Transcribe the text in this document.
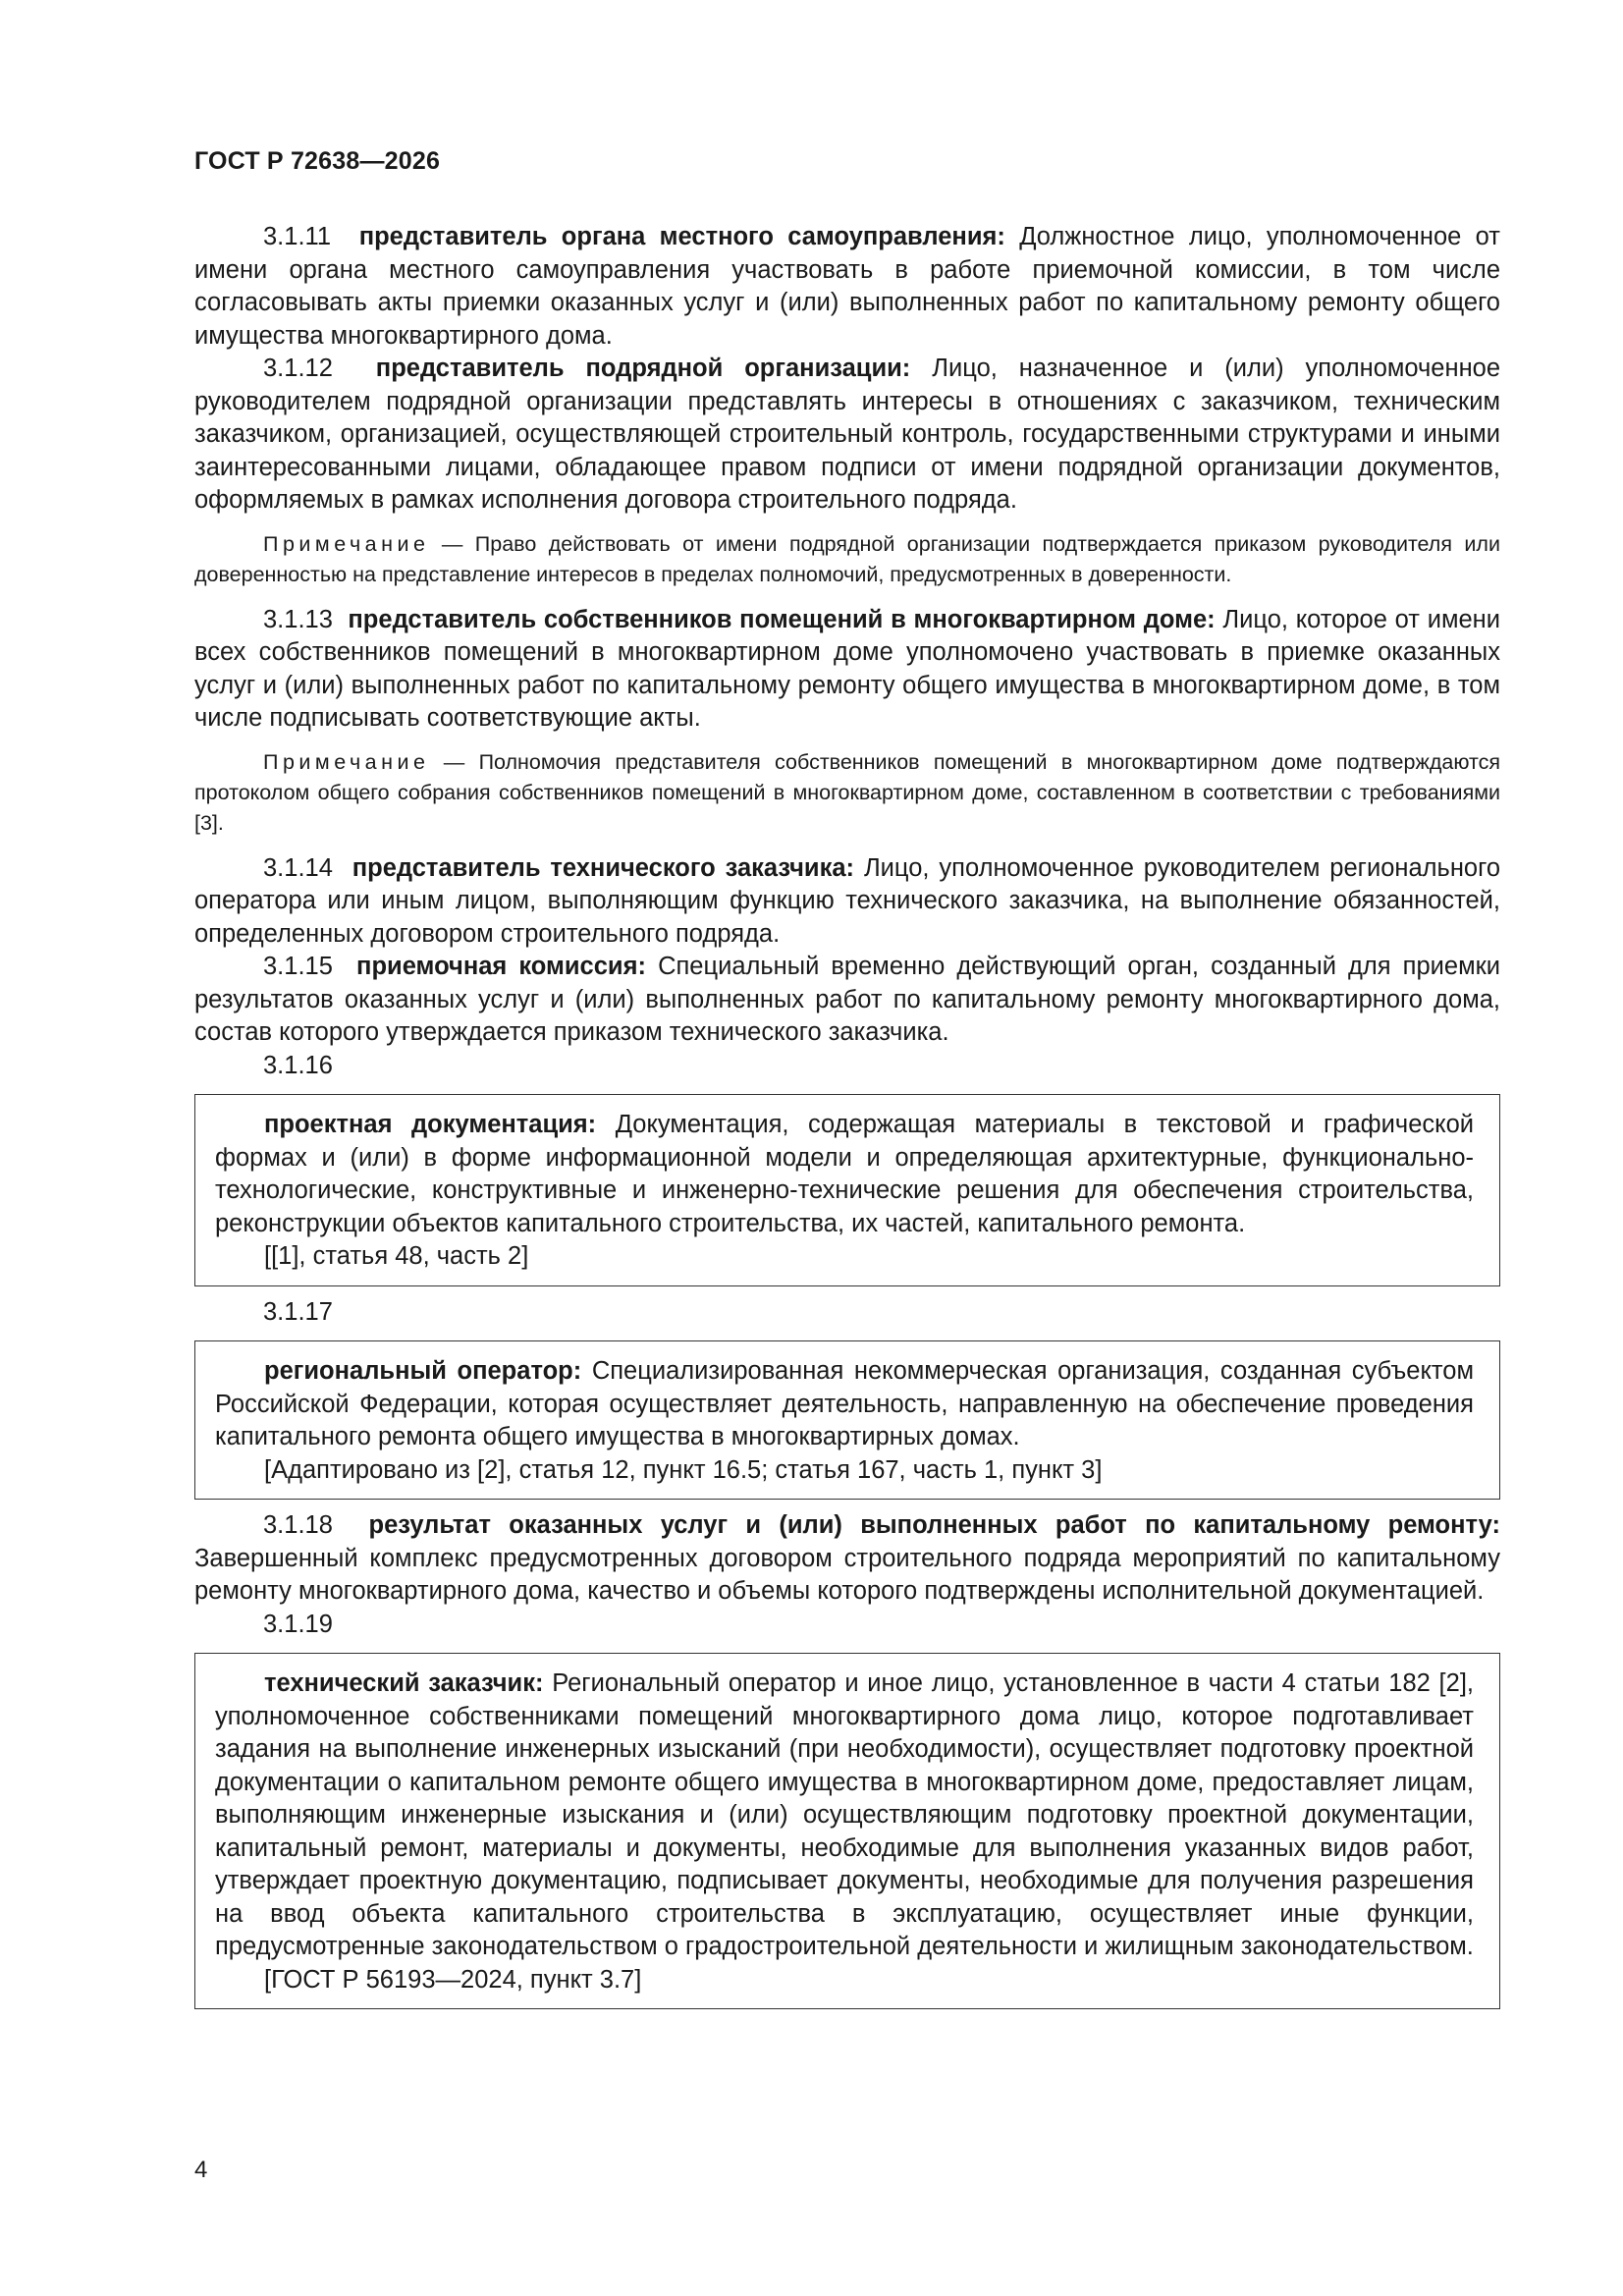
ГОСТ Р 72638—2026

3.1.11 представитель органа местного самоуправления: Должностное лицо, уполномоченное от имени органа местного самоуправления участвовать в работе приемочной комиссии, в том числе согласовывать акты приемки оказанных услуг и (или) выполненных работ по капитальному ремонту общего имущества многоквартирного дома.

3.1.12 представитель подрядной организации: Лицо, назначенное и (или) уполномоченное руководителем подрядной организации представлять интересы в отношениях с заказчиком, техническим заказчиком, организацией, осуществляющей строительный контроль, государственными структурами и иными заинтересованными лицами, обладающее правом подписи от имени подрядной организации документов, оформляемых в рамках исполнения договора строительного подряда.

Примечание — Право действовать от имени подрядной организации подтверждается приказом руководителя или доверенностью на представление интересов в пределах полномочий, предусмотренных в доверенности.

3.1.13 представитель собственников помещений в многоквартирном доме: Лицо, которое от имени всех собственников помещений в многоквартирном доме уполномочено участвовать в приемке оказанных услуг и (или) выполненных работ по капитальному ремонту общего имущества в многоквартирном доме, в том числе подписывать соответствующие акты.

Примечание — Полномочия представителя собственников помещений в многоквартирном доме подтверждаются протоколом общего собрания собственников помещений в многоквартирном доме, составленном в соответствии с требованиями [3].

3.1.14 представитель технического заказчика: Лицо, уполномоченное руководителем регионального оператора или иным лицом, выполняющим функцию технического заказчика, на выполнение обязанностей, определенных договором строительного подряда.

3.1.15 приемочная комиссия: Специальный временно действующий орган, созданный для приемки результатов оказанных услуг и (или) выполненных работ по капитальному ремонту многоквартирного дома, состав которого утверждается приказом технического заказчика.

3.1.16

проектная документация: Документация, содержащая материалы в текстовой и графической формах и (или) в форме информационной модели и определяющая архитектурные, функционально-технологические, конструктивные и инженерно-технические решения для обеспечения строительства, реконструкции объектов капитального строительства, их частей, капитального ремонта.

[[1], статья 48, часть 2]

3.1.17

региональный оператор: Специализированная некоммерческая организация, созданная субъектом Российской Федерации, которая осуществляет деятельность, направленную на обеспечение проведения капитального ремонта общего имущества в многоквартирных домах.

[Адаптировано из [2], статья 12, пункт 16.5; статья 167, часть 1, пункт 3]

3.1.18 результат оказанных услуг и (или) выполненных работ по капитальному ремонту: Завершенный комплекс предусмотренных договором строительного подряда мероприятий по капитальному ремонту многоквартирного дома, качество и объемы которого подтверждены исполнительной документацией.

3.1.19

технический заказчик: Региональный оператор и иное лицо, установленное в части 4 статьи 182 [2], уполномоченное собственниками помещений многоквартирного дома лицо, которое подготавливает задания на выполнение инженерных изысканий (при необходимости), осуществляет подготовку проектной документации о капитальном ремонте общего имущества в многоквартирном доме, предоставляет лицам, выполняющим инженерные изыскания и (или) осуществляющим подготовку проектной документации, капитальный ремонт, материалы и документы, необходимые для выполнения указанных видов работ, утверждает проектную документацию, подписывает документы, необходимые для получения разрешения на ввод объекта капитального строительства в эксплуатацию, осуществляет иные функции, предусмотренные законодательством о градостроительной деятельности и жилищным законодательством.

[ГОСТ Р 56193—2024, пункт 3.7]

4
